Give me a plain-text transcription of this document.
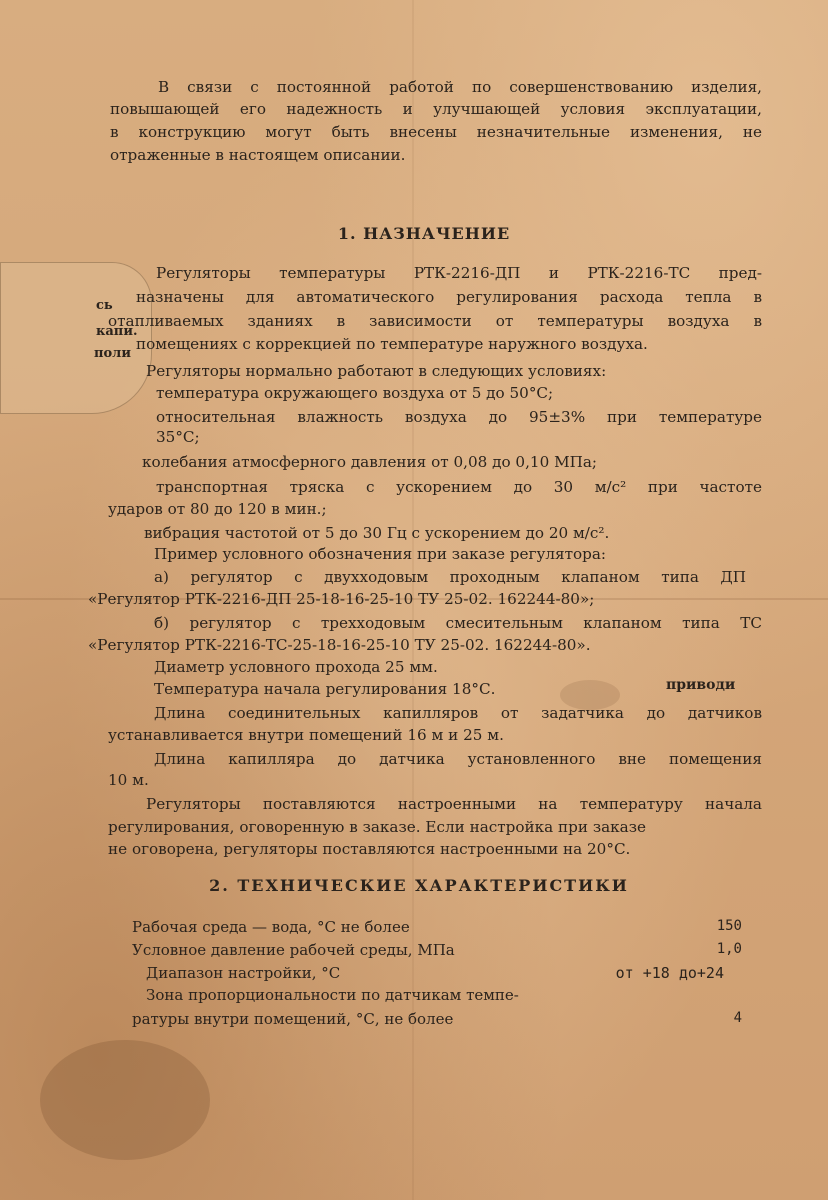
В связи с постоянной работой по совершенствованию изделия,
повышающей его надежность и улучшающей условия эксплуатации,
в конструкцию могут быть внесены незначительные изменения, не
отраженные в настоящем описании.
1. НАЗНАЧЕНИЕ
Регуляторы температуры РТК-2216-ДП и РТК-2216-ТС пред-
назначены для автоматического регулирования расхода тепла в
отапливаемых зданиях в зависимости от температуры воздуха в
помещениях с коррекцией по температуре наружного воздуха.
Регуляторы нормально работают в следующих условиях:
температура окружающего воздуха от 5 до 50°С;
относительная влажность воздуха до 95±3% при температуре
35°С;
колебания атмосферного давления от 0,08 до 0,10 МПа;
транспортная тряска с ускорением до 30 м/с² при частоте
ударов от 80 до 120 в мин.;
вибрация частотой от 5 до 30 Гц с ускорением до 20 м/с².
Пример условного обозначения при заказе регулятора:
а) регулятор с двухходовым проходным клапаном типа ДП
«Регулятор РТК-2216-ДП 25-18-16-25-10 ТУ 25-02. 162244-80»;
б) регулятор с трехходовым смесительным клапаном типа ТС
«Регулятор РТК-2216-ТС-25-18-16-25-10 ТУ 25-02. 162244-80».
Диаметр условного прохода 25 мм.
Температура начала регулирования 18°С.
Длина соединительных капилляров от задатчика до датчиков
устанавливается внутри помещений 16 м и 25 м.
Длина капилляра до датчика установленного вне помещения
10 м.
Регуляторы поставляются настроенными на температуру начала
регулирования, оговоренную в заказе. Если настройка при заказе
не оговорена, регуляторы поставляются настроенными на 20°С.
сь
капи.
поли
приводи
2. ТЕХНИЧЕСКИЕ ХАРАКТЕРИСТИКИ
Рабочая среда — вода, °С не более	150
Условное давление рабочей среды, МПа	1,0
Диапазон настройки, °С	от +18 до+24
Зона пропорциональности по датчикам темпе-
ратуры внутри помещений, °С, не более	4
